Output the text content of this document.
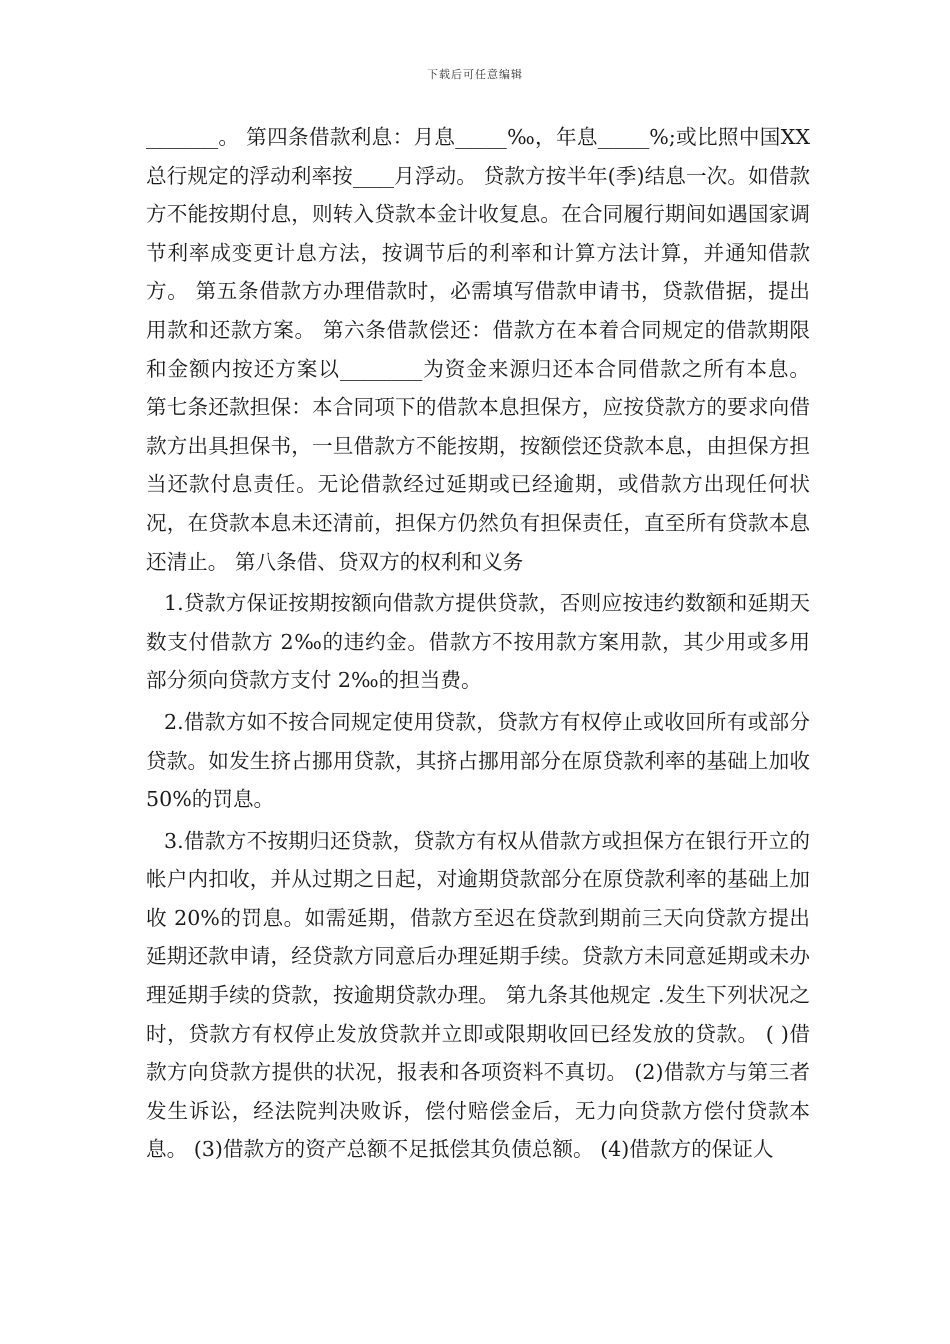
下载后可任意编辑

_______。 第四条借款利息：月息_____‰，年息_____%;或比照中国XX总行规定的浮动利率按____月浮动。 贷款方按半年(季)结息一次。如借款方不能按期付息，则转入贷款本金计收复息。在合同履行期间如遇国家调节利率成变更计息方法，按调节后的利率和计算方法计算，并通知借款方。 第五条借款方办理借款时，必需填写借款申请书，贷款借据，提出用款和还款方案。 第六条借款偿还：借款方在本着合同规定的借款期限和金额内按还方案以________为资金来源归还本合同借款之所有本息。 第七条还款担保：本合同项下的借款本息担保方，应按贷款方的要求向借款方出具担保书，一旦借款方不能按期，按额偿还贷款本息，由担保方担当还款付息责任。无论借款经过延期或已经逾期，或借款方出现任何状况，在贷款本息未还清前，担保方仍然负有担保责任，直至所有贷款本息还清止。 第八条借、贷双方的权利和义务

1.贷款方保证按期按额向借款方提供贷款，否则应按违约数额和延期天数支付借款方 2‰的违约金。借款方不按用款方案用款，其少用或多用部分须向贷款方支付 2‰的担当费。

2.借款方如不按合同规定使用贷款，贷款方有权停止或收回所有或部分贷款。如发生挤占挪用贷款，其挤占挪用部分在原贷款利率的基础上加收 50%的罚息。

3.借款方不按期归还贷款，贷款方有权从借款方或担保方在银行开立的帐户内扣收，并从过期之日起，对逾期贷款部分在原贷款利率的基础上加收 20%的罚息。如需延期，借款方至迟在贷款到期前三天向贷款方提出延期还款申请，经贷款方同意后办理延期手续。贷款方未同意延期或未办理延期手续的贷款，按逾期贷款办理。 第九条其他规定 .发生下列状况之时，贷款方有权停止发放贷款并立即或限期收回已经发放的贷款。 ( )借款方向贷款方提供的状况，报表和各项资料不真切。 (2)借款方与第三者发生诉讼，经法院判决败诉，偿付赔偿金后，无力向贷款方偿付贷款本息。 (3)借款方的资产总额不足抵偿其负债总额。 (4)借款方的保证人
